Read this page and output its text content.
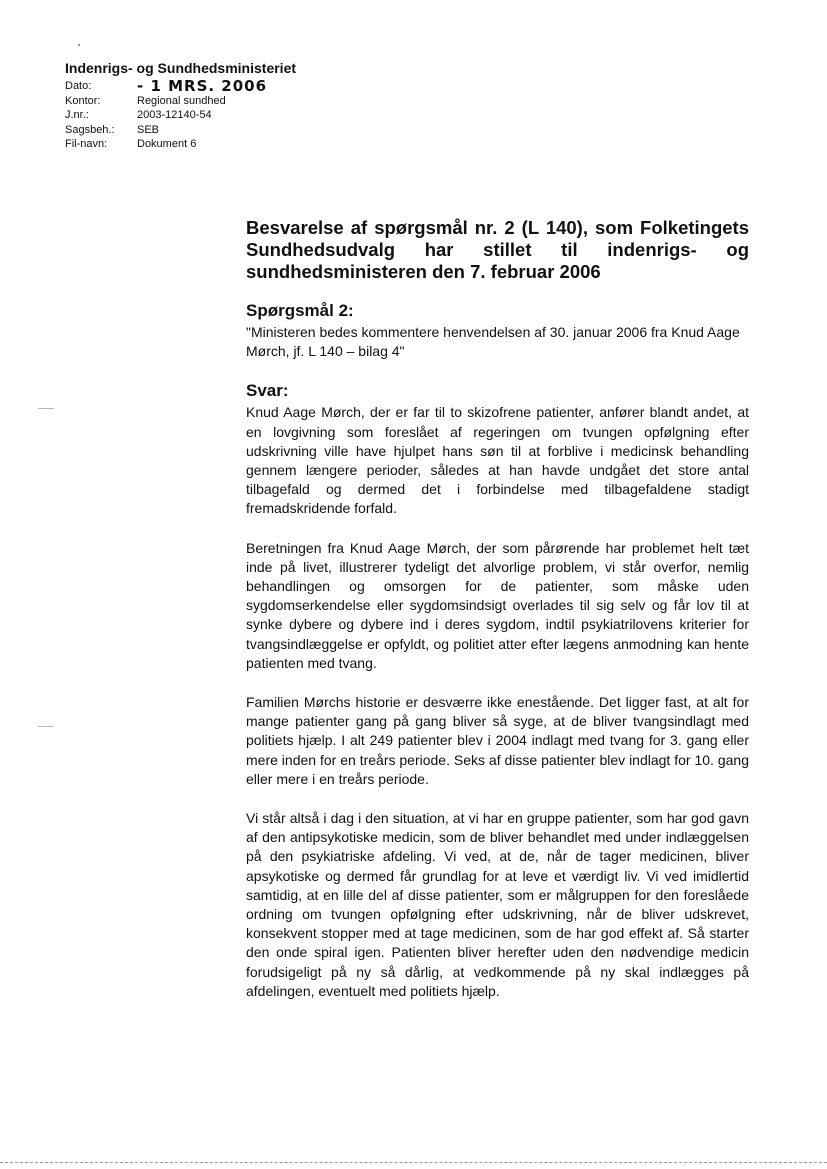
Indenrigs- og Sundhedsministeriet
Dato:	- 1 MRS. 2006
Kontor:	Regional sundhed
J.nr.:	2003-12140-54
Sagsbeh.:	SEB
Fil-navn:	Dokument 6
Besvarelse af spørgsmål nr. 2 (L 140), som Folketingets Sundhedsudvalg har stillet til indenrigs- og sundhedsministeren den 7. februar 2006
Spørgsmål 2:

"Ministeren bedes kommentere henvendelsen af 30. januar 2006 fra Knud Aage Mørch, jf. L 140 – bilag 4"

Svar:

Knud Aage Mørch, der er far til to skizofrene patienter, anfører blandt andet, at en lovgivning som foreslået af regeringen om tvungen opfølgning efter udskrivning ville have hjulpet hans søn til at forblive i medicinsk behandling gennem længere perioder, således at han havde undgået det store antal tilbagefald og dermed det i forbindelse med tilbagefaldene stadigt fremadskridende forfald.

Beretningen fra Knud Aage Mørch, der som pårørende har problemet helt tæt inde på livet, illustrerer tydeligt det alvorlige problem, vi står overfor, nemlig behandlingen og omsorgen for de patienter, som måske uden sygdomserkendelse eller sygdomsindsigt overlades til sig selv og får lov til at synke dybere og dybere ind i deres sygdom, indtil psykiatrilovens kriterier for tvangsindlæggelse er opfyldt, og politiet atter efter lægens anmodning kan hente patienten med tvang.

Familien Mørchs historie er desværre ikke enestående. Det ligger fast, at alt for mange patienter gang på gang bliver så syge, at de bliver tvangsindlagt med politiets hjælp. I alt 249 patienter blev i 2004 indlagt med tvang for 3. gang eller mere inden for en treårs periode. Seks af disse patienter blev indlagt for 10. gang eller mere i en treårs periode.

Vi står altså i dag i den situation, at vi har en gruppe patienter, som har god gavn af den antipsykotiske medicin, som de bliver behandlet med under indlæggelsen på den psykiatriske afdeling. Vi ved, at de, når de tager medicinen, bliver apsykotiske og dermed får grundlag for at leve et værdigt liv. Vi ved imidlertid samtidig, at en lille del af disse patienter, som er målgruppen for den foreslåede ordning om tvungen opfølgning efter udskrivning, når de bliver udskrevet, konsekvent stopper med at tage medicinen, som de har god effekt af. Så starter den onde spiral igen. Patienten bliver herefter uden den nødvendige medicin forudsigeligt på ny så dårlig, at vedkommende på ny skal indlægges på afdelingen, eventuelt med politiets hjælp.
